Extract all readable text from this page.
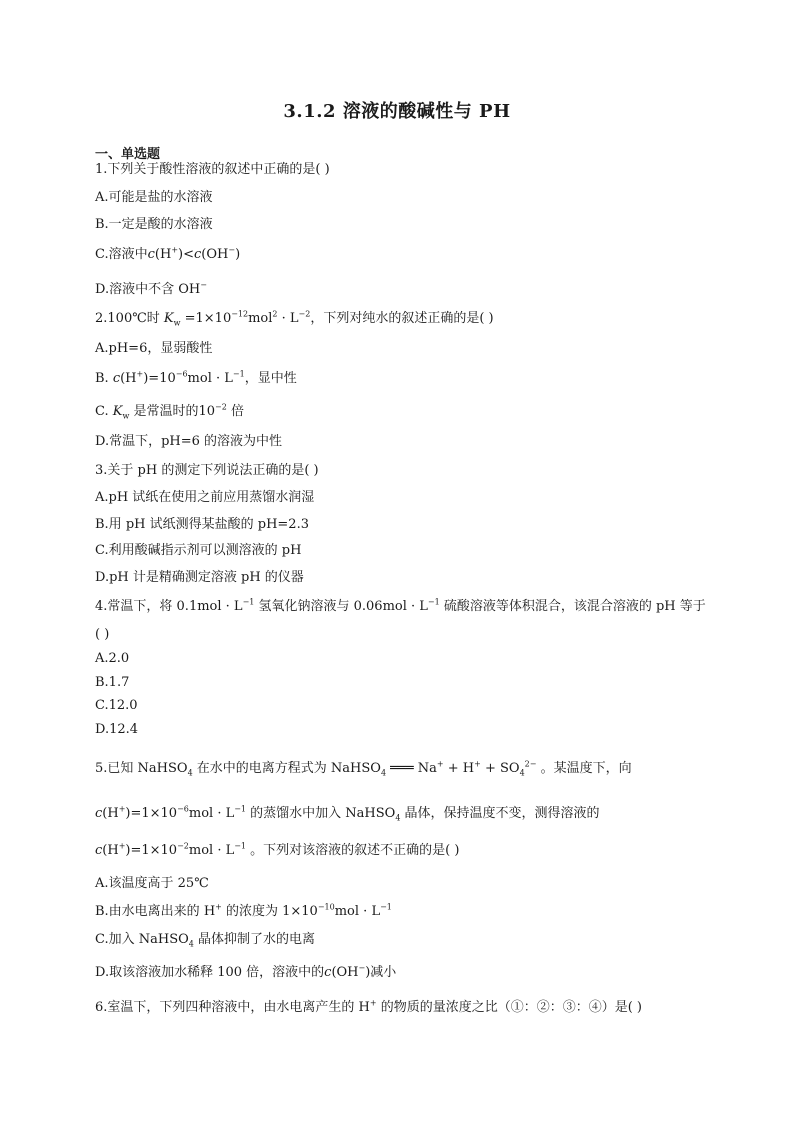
3.1.2 溶液的酸碱性与 PH
一、单选题
1.下列关于酸性溶液的叙述中正确的是( )
A.可能是盐的水溶液
B.一定是酸的水溶液
C.溶液中c(H+)<c(OH−)
D.溶液中不含 OH−
2.100℃时 $K_w =1\times 10^{-12}mol^2 \cdot L^{-2}$，下列对纯水的叙述正确的是( )
A.pH=6，显弱酸性
B. $c(H^+)=10^{-6}mol \cdot L^{-1}$，显中性
C. $K_w$ 是常温时的$10^{-2}$ 倍
D.常温下，pH=6 的溶液为中性
3.关于 pH 的测定下列说法正确的是( )
A.pH 试纸在使用之前应用蒸馏水润湿
B.用 pH 试纸测得某盐酸的 pH=2.3
C.利用酸碱指示剂可以测溶液的 pH
D.pH 计是精确测定溶液 pH 的仪器
4.常温下，将 $0.1mol \cdot L^{-1}$ 氢氧化钠溶液与 $0.06mol \cdot L^{-1}$ 硫酸溶液等体积混合，该混合溶液的 pH 等于
( )
A.2.0
B.1.7
C.12.0
D.12.4
5.已知 NaHSO$_4$ 在水中的电离方程式为 NaHSO$_4$ ═══ $Na^+ + H^+ + SO_4^{2-}$ 。某温度下，向
$c(H^+)=1\times 10^{-6}mol \cdot L^{-1}$ 的蒸馏水中加入 NaHSO$_4$ 晶体，保持温度不变，测得溶液的
$c(H^+)=1\times 10^{-2}mol \cdot L^{-1}$ 。下列对该溶液的叙述不正确的是( )
A.该温度高于 25℃
B.由水电离出来的 H+ 的浓度为 $1\times 10^{-10}mol \cdot L^{-1}$
C.加入 NaHSO$_4$ 晶体抑制了水的电离
D.取该溶液加水稀释 100 倍，溶液中的c(OH−)减小
6.室温下，下列四种溶液中，由水电离产生的 H+ 的物质的量浓度之比（①：②：③：④）是( )
